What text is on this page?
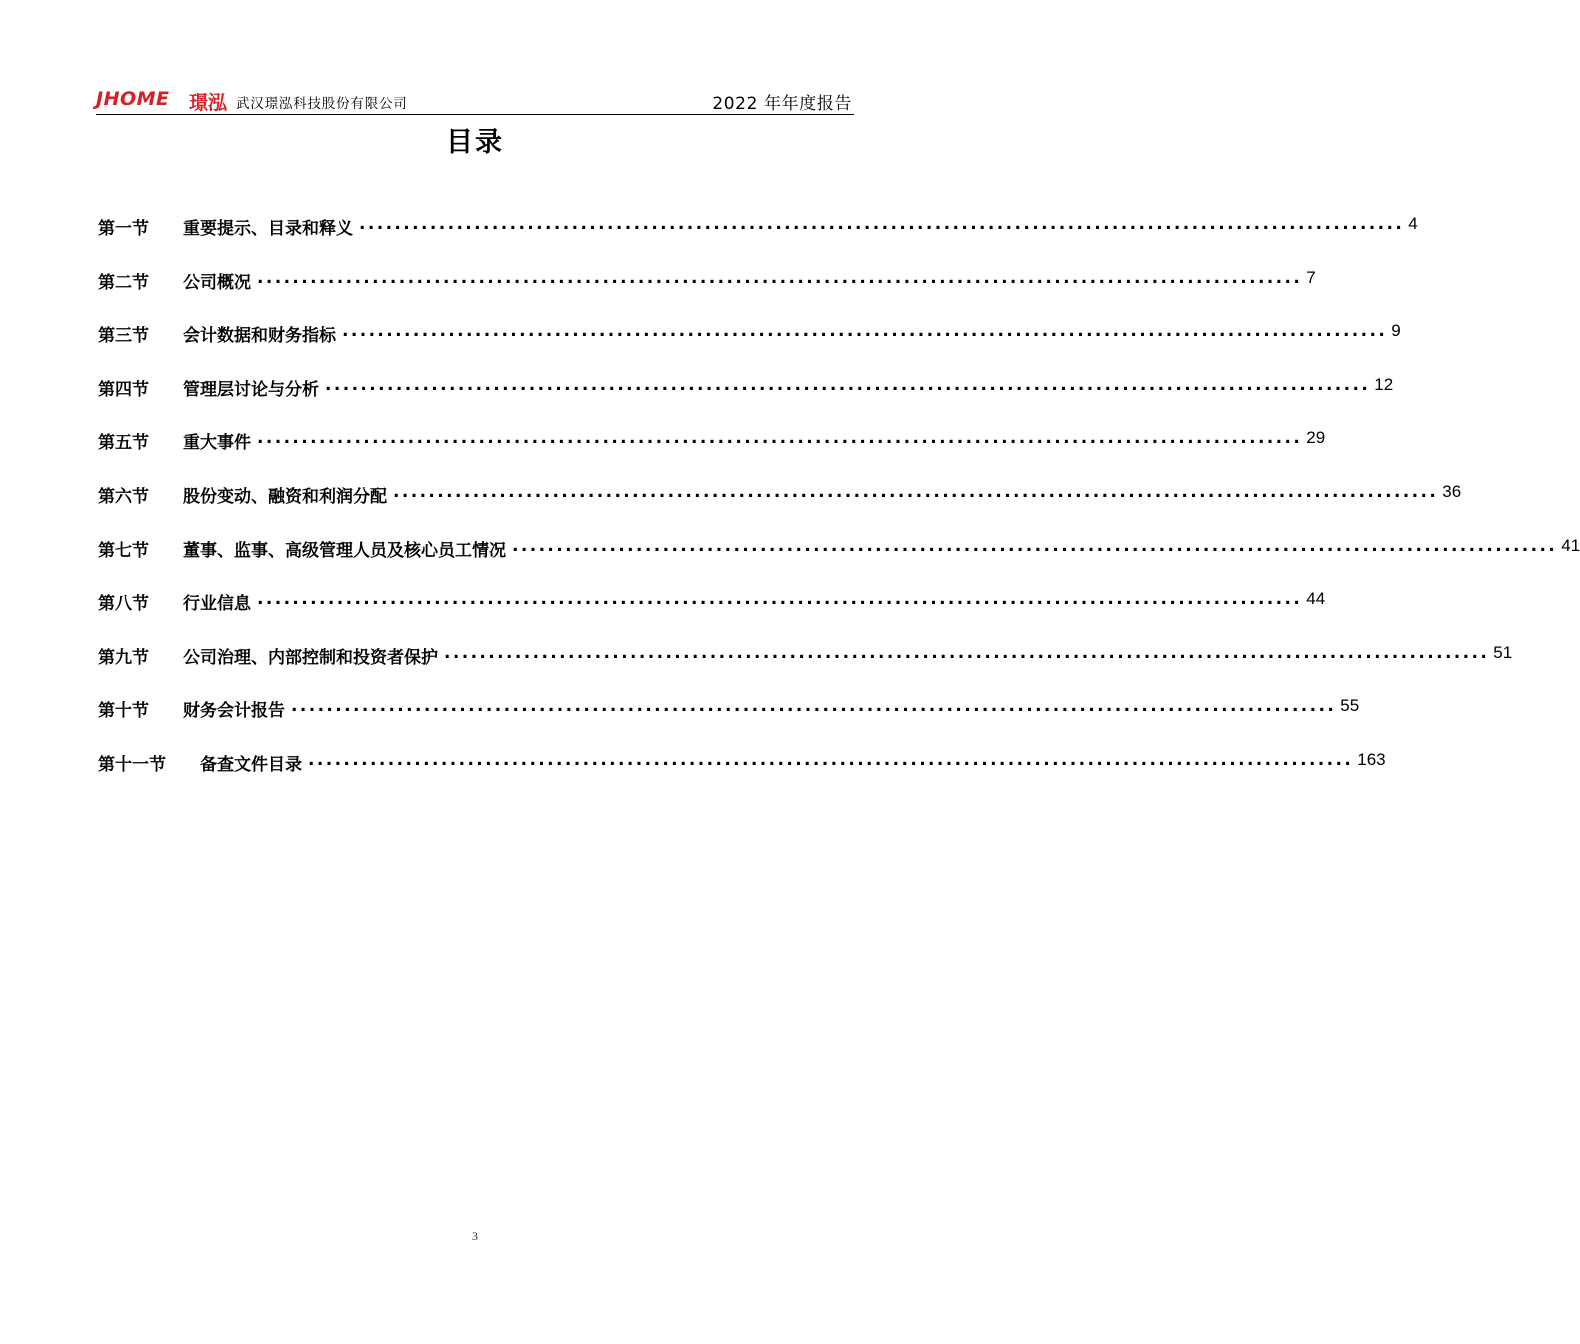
JHOME 璟泓 武汉璟泓科技股份有限公司	2022 年年度报告
目录
第一节	重要提示、目录和释义 ...................................................................................................................... 4
第二节	公司概况 ...................................................................................................................... 7
第三节	会计数据和财务指标 ...................................................................................................................... 9
第四节	管理层讨论与分析 ...................................................................................................................... 12
第五节	重大事件 ...................................................................................................................... 29
第六节	股份变动、融资和利润分配 ...................................................................................................................... 36
第七节	董事、监事、高级管理人员及核心员工情况 ...................................................................................................................... 41
第八节	行业信息 ...................................................................................................................... 44
第九节	公司治理、内部控制和投资者保护 ...................................................................................................................... 51
第十节	财务会计报告 ...................................................................................................................... 55
第十一节	备查文件目录 ...................................................................................................................... 163
3
